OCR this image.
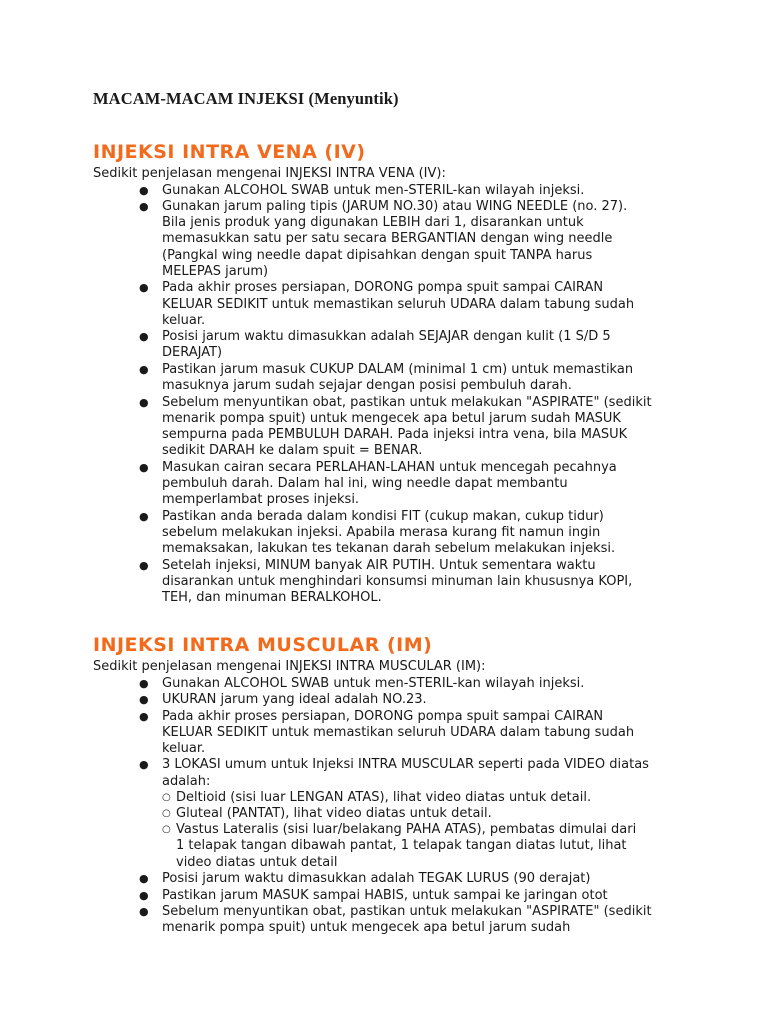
MACAM-MACAM INJEKSI (Menyuntik)
INJEKSI INTRA VENA (IV)

Sedikit penjelasan mengenai INJEKSI INTRA VENA (IV):

● Gunakan ALCOHOL SWAB untuk men-STERIL-kan wilayah injeksi.
● Gunakan jarum paling tipis (JARUM NO.30) atau WING NEEDLE (no. 27). Bila jenis produk yang digunakan LEBIH dari 1, disarankan untuk memasukkan satu per satu secara BERGANTIAN dengan wing needle (Pangkal wing needle dapat dipisahkan dengan spuit TANPA harus MELEPAS jarum)
● Pada akhir proses persiapan, DORONG pompa spuit sampai CAIRAN KELUAR SEDIKIT untuk memastikan seluruh UDARA dalam tabung sudah keluar.
● Posisi jarum waktu dimasukkan adalah SEJAJAR dengan kulit (1 S/D 5 DERAJAT)
● Pastikan jarum masuk CUKUP DALAM (minimal 1 cm) untuk memastikan masuknya jarum sudah sejajar dengan posisi pembuluh darah.
● Sebelum menyuntikan obat, pastikan untuk melakukan "ASPIRATE" (sedikit menarik pompa spuit) untuk mengecek apa betul jarum sudah MASUK sempurna pada PEMBULUH DARAH. Pada injeksi intra vena, bila MASUK sedikit DARAH ke dalam spuit = BENAR.
● Masukan cairan secara PERLAHAN-LAHAN untuk mencegah pecahnya pembuluh darah. Dalam hal ini, wing needle dapat membantu memperlambat proses injeksi.
● Pastikan anda berada dalam kondisi FIT (cukup makan, cukup tidur) sebelum melakukan injeksi. Apabila merasa kurang fit namun ingin memaksakan, lakukan tes tekanan darah sebelum melakukan injeksi.
● Setelah injeksi, MINUM banyak AIR PUTIH. Untuk sementara waktu disarankan untuk menghindari konsumsi minuman lain khususnya KOPI, TEH, dan minuman BERALKOHOL.
INJEKSI INTRA MUSCULAR (IM)

Sedikit penjelasan mengenai INJEKSI INTRA MUSCULAR (IM):

● Gunakan ALCOHOL SWAB untuk men-STERIL-kan wilayah injeksi.
● UKURAN jarum yang ideal adalah NO.23.
● Pada akhir proses persiapan, DORONG pompa spuit sampai CAIRAN KELUAR SEDIKIT untuk memastikan seluruh UDARA dalam tabung sudah keluar.
● 3 LOKASI umum untuk Injeksi INTRA MUSCULAR seperti pada VIDEO diatas adalah:
○ Deltioid (sisi luar LENGAN ATAS), lihat video diatas untuk detail.
○ Gluteal (PANTAT), lihat video diatas untuk detail.
○ Vastus Lateralis (sisi luar/belakang PAHA ATAS), pembatas dimulai dari 1 telapak tangan dibawah pantat, 1 telapak tangan diatas lutut, lihat video diatas untuk detail
● Posisi jarum waktu dimasukkan adalah TEGAK LURUS (90 derajat)
● Pastikan jarum MASUK sampai HABIS, untuk sampai ke jaringan otot
● Sebelum menyuntikan obat, pastikan untuk melakukan "ASPIRATE" (sedikit menarik pompa spuit) untuk mengecek apa betul jarum sudah
